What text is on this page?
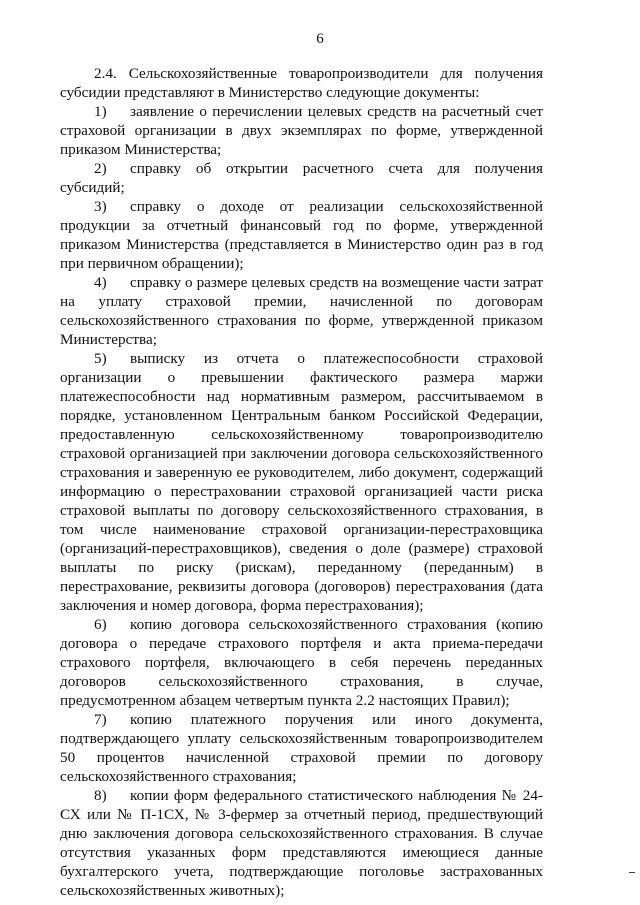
6

2.4. Сельскохозяйственные товаропроизводители для получения субсидии представляют в Министерство следующие документы:

1) заявление о перечислении целевых средств на расчетный счет страховой организации в двух экземплярах по форме, утвержденной приказом Министерства;

2) справку об открытии расчетного счета для получения субсидий;

3) справку о доходе от реализации сельскохозяйственной продукции за отчетный финансовый год по форме, утвержденной приказом Министерства (представляется в Министерство один раз в год при первичном обращении);

4) справку о размере целевых средств на возмещение части затрат на уплату страховой премии, начисленной по договорам сельскохозяйственного страхования по форме, утвержденной приказом Министерства;

5) выписку из отчета о платежеспособности страховой организации о превышении фактического размера маржи платежеспособности над нормативным размером, рассчитываемом в порядке, установленном Центральным банком Российской Федерации, предоставленную сельскохозяйственному товаропроизводителю страховой организацией при заключении договора сельскохозяйственного страхования и заверенную ее руководителем, либо документ, содержащий информацию о перестраховании страховой организацией части риска страховой выплаты по договору сельскохозяйственного страхования, в том числе наименование страховой организации-перестраховщика (организаций-перестраховщиков), сведения о доле (размере) страховой выплаты по риску (рискам), переданному (переданным) в перестрахование, реквизиты договора (договоров) перестрахования (дата заключения и номер договора, форма перестрахования);

6) копию договора сельскохозяйственного страхования (копию договора о передаче страхового портфеля и акта приема-передачи страхового портфеля, включающего в себя перечень переданных договоров сельскохозяйственного страхования, в случае, предусмотренном абзацем четвертым пункта 2.2 настоящих Правил);

7) копию платежного поручения или иного документа, подтверждающего уплату сельскохозяйственным товаропроизводителем 50 процентов начисленной страховой премии по договору сельскохозяйственного страхования;

8) копии форм федерального статистического наблюдения № 24-СХ или № П-1СХ, № 3-фермер за отчетный период, предшествующий дню заключения договора сельскохозяйственного страхования. В случае отсутствия указанных форм представляются имеющиеся данные бухгалтерского учета, подтверждающие поголовье застрахованных сельскохозяйственных животных);
